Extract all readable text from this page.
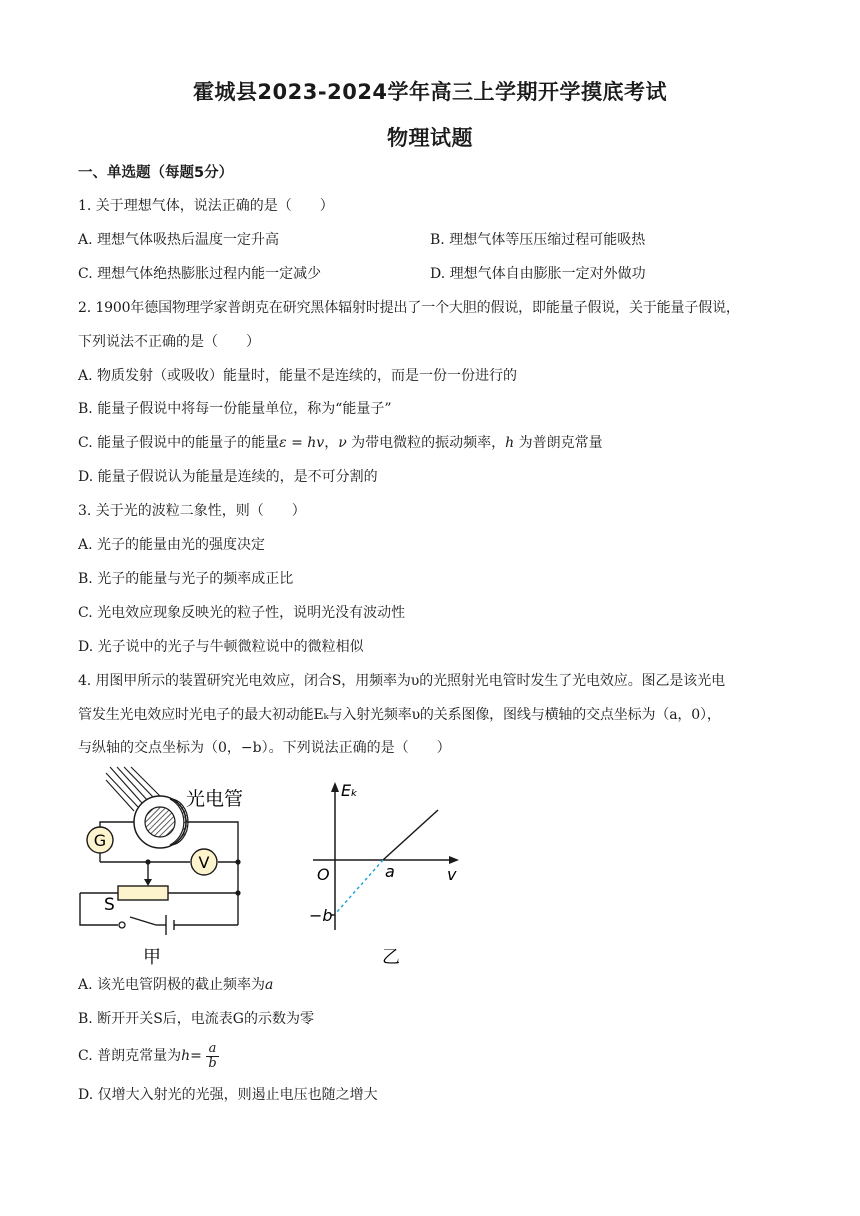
霍城县2023-2024学年高三上学期开学摸底考试
物理试题
一、单选题（每题5分）
1. 关于理想气体，说法正确的是（　　）
A. 理想气体吸热后温度一定升高	B. 理想气体等压压缩过程可能吸热
C. 理想气体绝热膨胀过程内能一定减少	D. 理想气体自由膨胀一定对外做功
2. 1900年德国物理学家普朗克在研究黑体辐射时提出了一个大胆的假说，即能量子假说，关于能量子假说，
下列说法不正确的是（　　）
A. 物质发射（或吸收）能量时，能量不是连续的，而是一份一份进行的
B. 能量子假说中将每一份能量单位，称为“能量子”
C. 能量子假说中的能量子的能量ε = hv，ν 为带电微粒的振动频率，h 为普朗克常量
D. 能量子假说认为能量是连续的，是不可分割的
3. 关于光的波粒二象性，则（　　）
A. 光子的能量由光的强度决定
B. 光子的能量与光子的频率成正比
C. 光电效应现象反映光的粒子性，说明光没有波动性
D. 光子说中的光子与牛顿微粒说中的微粒相似
4. 用图甲所示的装置研究光电效应，闭合S，用频率为υ的光照射光电管时发生了光电效应。图乙是该光电
管发生光电效应时光电子的最大初动能Eₖ与入射光频率υ的关系图像，图线与横轴的交点坐标为（a，0），
与纵轴的交点坐标为（0，−b）。下列说法正确的是（　　）
光电管
S
G
V
甲
Eₖ
v
O	a
−b
乙
A. 该光电管阴极的截止频率为a
B. 断开开关S后，电流表G的示数为零
C. 普朗克常量为$h= \frac{a}{b}$
D. 仅增大入射光的光强，则遏止电压也随之增大
